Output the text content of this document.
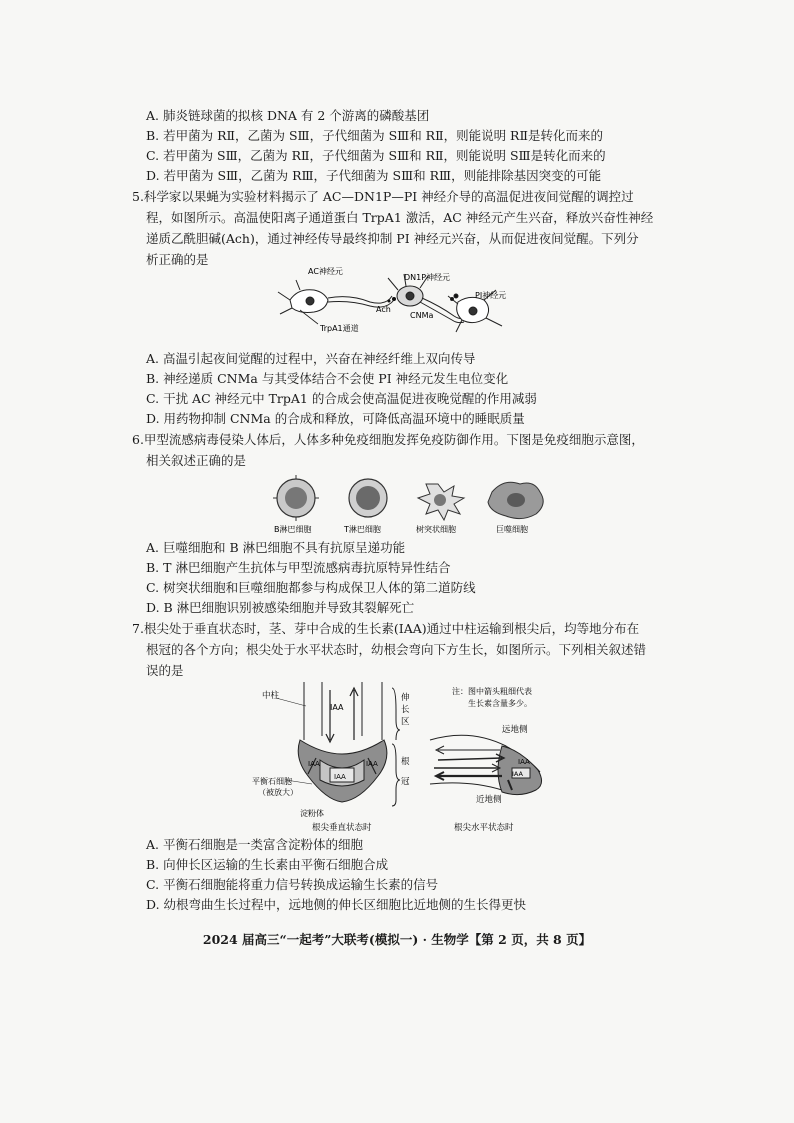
A. 肺炎链球菌的拟核 DNA 有 2 个游离的磷酸基团
B. 若甲菌为 RⅡ，乙菌为 SⅢ，子代细菌为 SⅢ和 RⅡ，则能说明 RⅡ是转化而来的
C. 若甲菌为 SⅢ，乙菌为 RⅡ，子代细菌为 SⅢ和 RⅡ，则能说明 SⅢ是转化而来的
D. 若甲菌为 SⅢ，乙菌为 RⅢ，子代细菌为 SⅢ和 RⅢ，则能排除基因突变的可能
5.科学家以果蝇为实验材料揭示了 AC—DN1P—PI 神经介导的高温促进夜间觉醒的调控过
程，如图所示。高温使阳离子通道蛋白 TrpA1 激活，AC 神经元产生兴奋，释放兴奋性神经
递质乙酰胆碱(Ach)，通过神经传导最终抑制 PI 神经元兴奋，从而促进夜间觉醒。下列分
析正确的是
AC神经元
DN1P神经元
PI神经元
Ach
CNMa
TrpA1通道
A. 高温引起夜间觉醒的过程中，兴奋在神经纤维上双向传导
B. 神经递质 CNMa 与其受体结合不会使 PI 神经元发生电位变化
C. 干扰 AC 神经元中 TrpA1 的合成会使高温促进夜晚觉醒的作用减弱
D. 用药物抑制 CNMa 的合成和释放，可降低高温环境中的睡眠质量
6.甲型流感病毒侵染人体后，人体多种免疫细胞发挥免疫防御作用。下图是免疫细胞示意图，
相关叙述正确的是
B淋巴细胞	T淋巴细胞	树突状细胞	巨噬细胞
A. 巨噬细胞和 B 淋巴细胞不具有抗原呈递功能
B. T 淋巴细胞产生抗体与甲型流感病毒抗原特异性结合
C. 树突状细胞和巨噬细胞都参与构成保卫人体的第二道防线
D. B 淋巴细胞识别被感染细胞并导致其裂解死亡
7.根尖处于垂直状态时，茎、芽中合成的生长素(IAA)通过中柱运输到根尖后，均等地分布在
根冠的各个方向；根尖处于水平状态时，幼根会弯向下方生长，如图所示。下列相关叙述错
误的是
中柱
IAA
IAA	IAA
IAA
伸
长
区
根
冠
平衡石细胞
（被放大）
淀粉体
根尖垂直状态时
注：图中箭头粗细代表
生长素含量多少。
远地侧
近地侧
IAA
IAA
根尖水平状态时
A. 平衡石细胞是一类富含淀粉体的细胞
B. 向伸长区运输的生长素由平衡石细胞合成
C. 平衡石细胞能将重力信号转换成运输生长素的信号
D. 幼根弯曲生长过程中，远地侧的伸长区细胞比近地侧的生长得更快
2024 届高三“一起考”大联考(模拟一) · 生物学【第 2 页，共 8 页】
